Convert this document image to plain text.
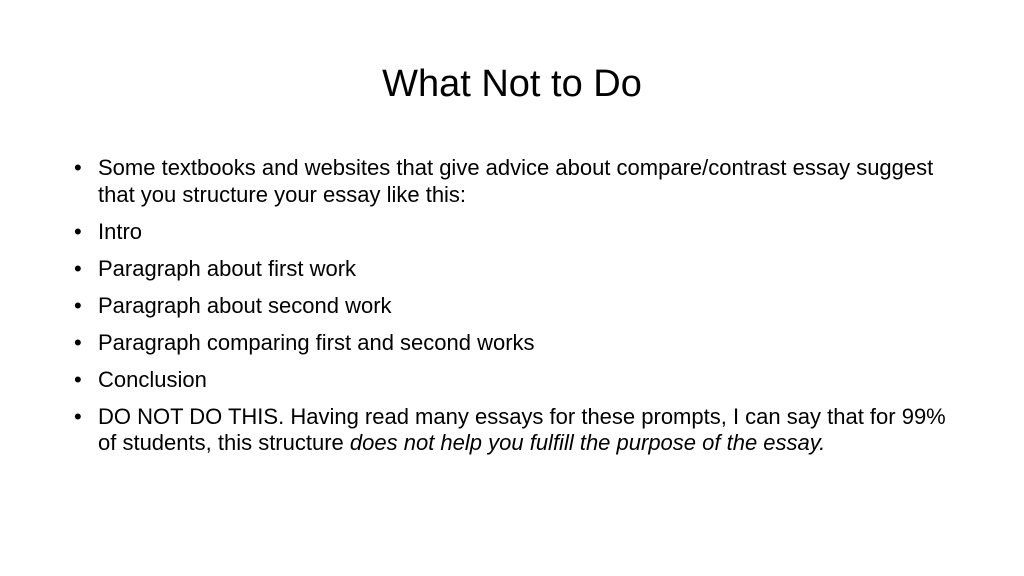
What Not to Do
• Some textbooks and websites that give advice about compare/contrast essay suggest that you structure your essay like this:
• Intro
• Paragraph about first work
• Paragraph about second work
• Paragraph comparing first and second works
• Conclusion
• DO NOT DO THIS. Having read many essays for these prompts, I can say that for 99% of students, this structure does not help you fulfill the purpose of the essay.
